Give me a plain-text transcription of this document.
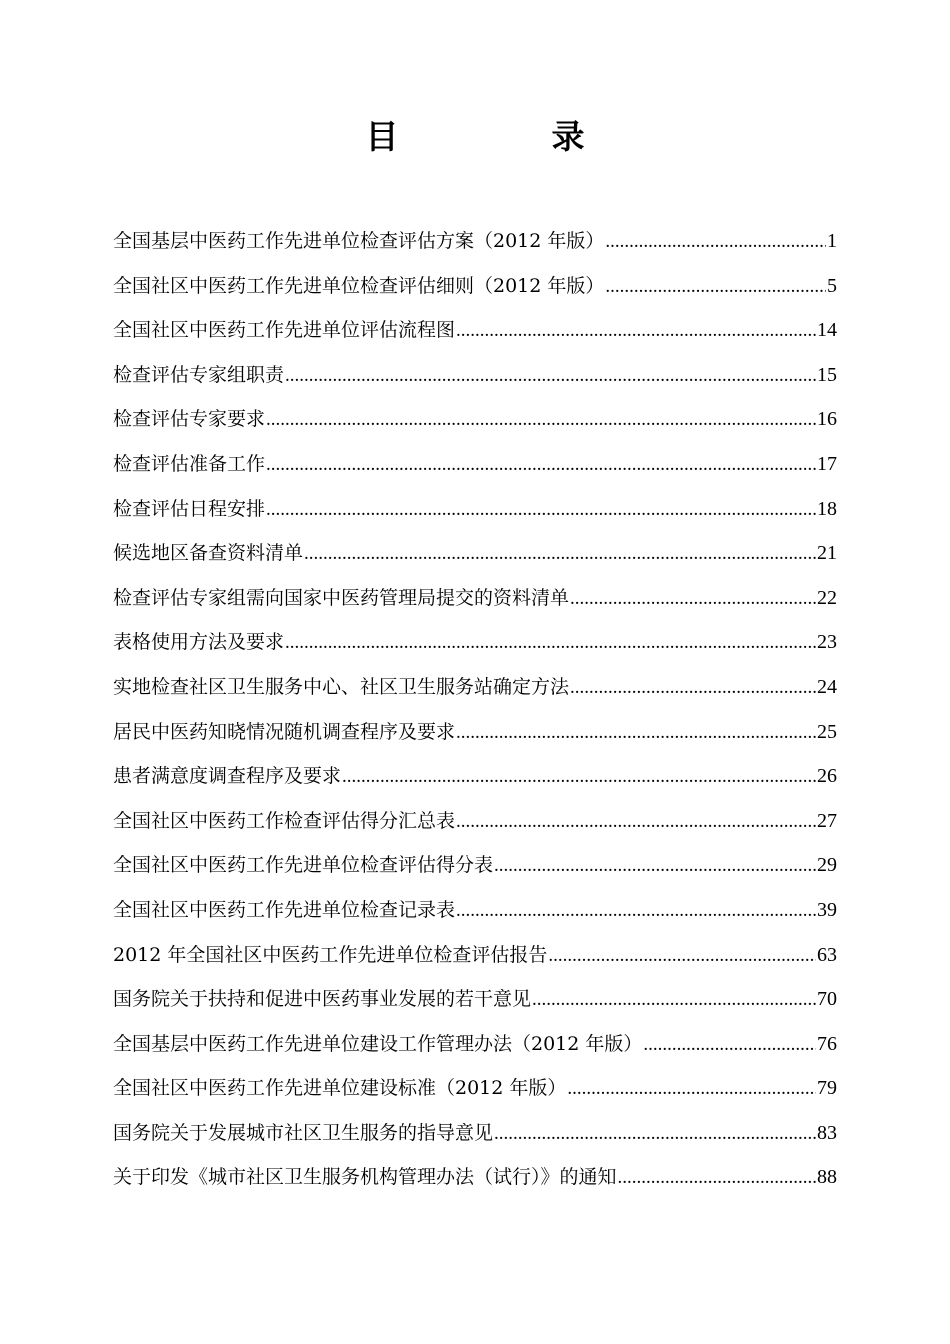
目　录
全国基层中医药工作先进单位检查评估方案（2012 年版） .....	1
全国社区中医药工作先进单位检查评估细则（2012 年版） .....	5
全国社区中医药工作先进单位评估流程图 .....	14
检查评估专家组职责 .....	15
检查评估专家要求 .....	16
检查评估准备工作 .....	17
检查评估日程安排 .....	18
候选地区备查资料清单 .....	21
检查评估专家组需向国家中医药管理局提交的资料清单 .....	22
表格使用方法及要求 .....	23
实地检查社区卫生服务中心、社区卫生服务站确定方法 .....	24
居民中医药知晓情况随机调查程序及要求 .....	25
患者满意度调查程序及要求 .....	26
全国社区中医药工作检查评估得分汇总表 .....	27
全国社区中医药工作先进单位检查评估得分表 .....	29
全国社区中医药工作先进单位检查记录表 .....	39
2012 年全国社区中医药工作先进单位检查评估报告 .....	63
国务院关于扶持和促进中医药事业发展的若干意见 .....	70
全国基层中医药工作先进单位建设工作管理办法（2012 年版） .....	76
全国社区中医药工作先进单位建设标准（2012 年版） .....	79
国务院关于发展城市社区卫生服务的指导意见 .....	83
关于印发《城市社区卫生服务机构管理办法（试行）》的通知 .....	88
